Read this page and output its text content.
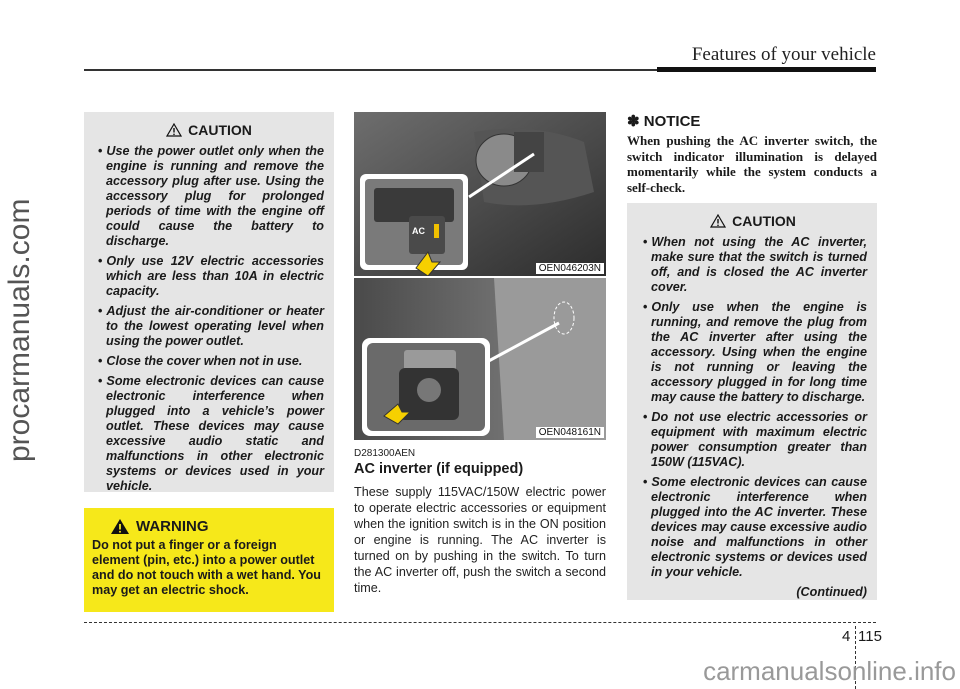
Features of your vehicle
procarmanuals.com
CAUTION
• Use the power outlet only when the engine is running and remove the accessory plug after use. Using the accessory plug for prolonged periods of time with the engine off could cause the battery to discharge.
• Only use 12V electric accessories which are less than 10A in electric capacity.
• Adjust the air-conditioner or heater to the lowest operating level when using the power outlet.
• Close the cover when not in use.
• Some electronic devices can cause electronic interference when plugged into a vehicle’s power outlet. These devices may cause excessive audio static and malfunctions in other electronic systems or devices used in your vehicle.
WARNING
Do not put a finger or a foreign element (pin, etc.) into a power outlet and do not touch with a wet hand. You may get an electric shock.
AC
OEN046203N
OEN048161N
D281300AEN
AC inverter (if equipped)
These supply 115VAC/150W electric power to operate electric accessories or equipment when the ignition switch is in the ON position or engine is running. The AC inverter is turned on by pushing in the switch. To turn the AC inverter off, push the switch a second time.
✽ NOTICE
When pushing the AC inverter switch, the switch indicator illumination is delayed momentarily while the system conducts a self-check.
CAUTION
• When not using the AC inverter, make sure that the switch is turned off, and is closed the AC inverter cover.
• Only use when the engine is running, and remove the plug from the AC inverter after using the accessory. Using when the engine is not running or leaving the accessory plugged in for long time may cause the battery to discharge.
• Do not use electric accessories or equipment with maximum electric power consumption greater than 150W (115VAC).
• Some electronic devices can cause electronic interference when plugged into the AC inverter. These devices may cause excessive audio noise and malfunctions in other electronic systems or devices used in your vehicle.
(Continued)
4 115
carmanualsonline.info
